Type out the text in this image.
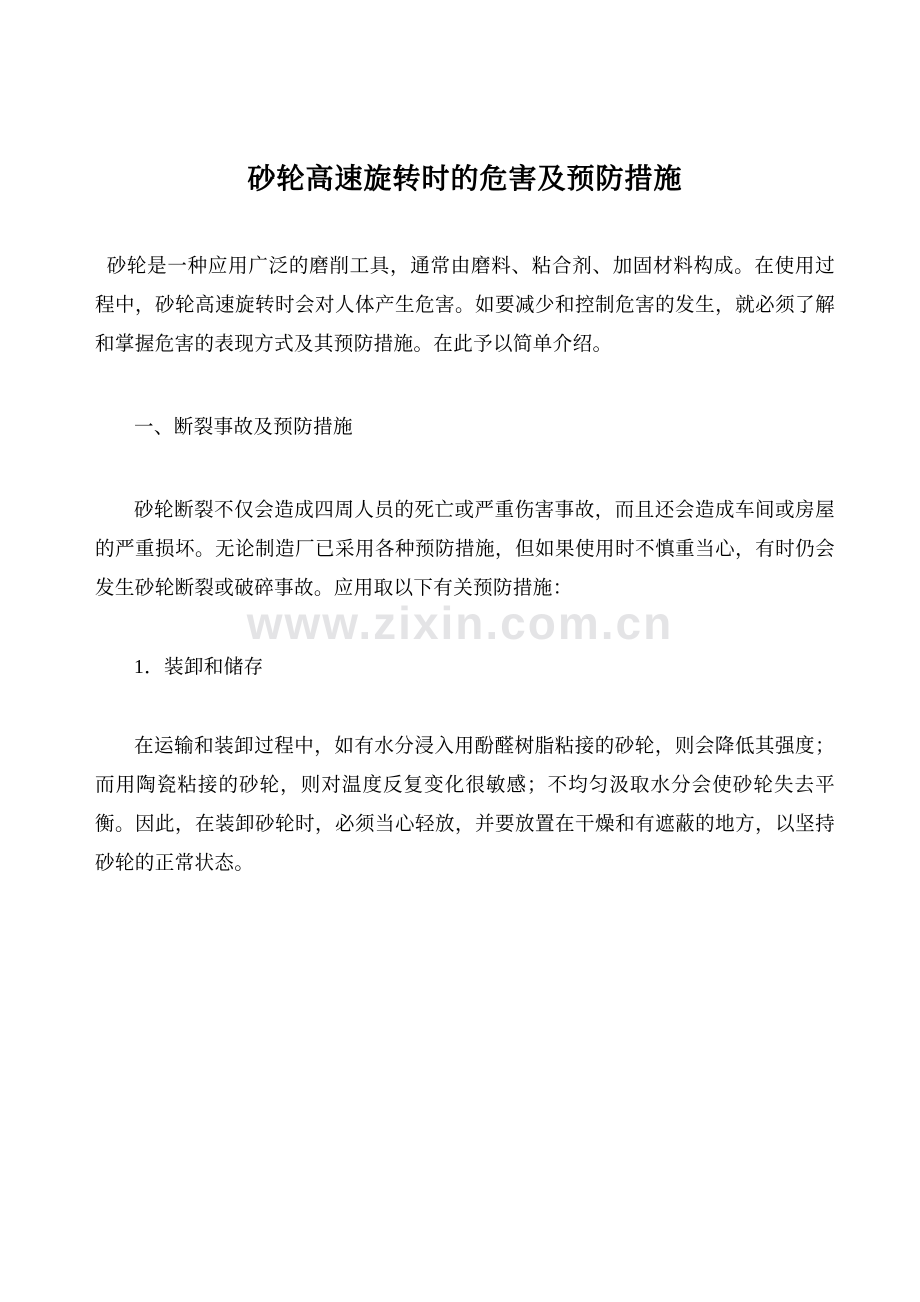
www.zixin.com.cn
砂轮高速旋转时的危害及预防措施

砂轮是一种应用广泛的磨削工具，通常由磨料、粘合剂、加固材料构成。在使用过程中，砂轮高速旋转时会对人体产生危害。如要减少和控制危害的发生，就必须了解和掌握危害的表现方式及其预防措施。在此予以简单介绍。

一、断裂事故及预防措施

砂轮断裂不仅会造成四周人员的死亡或严重伤害事故，而且还会造成车间或房屋的严重损坏。无论制造厂已采用各种预防措施，但如果使用时不慎重当心，有时仍会发生砂轮断裂或破碎事故。应用取以下有关预防措施：

1．装卸和储存

在运输和装卸过程中，如有水分浸入用酚醛树脂粘接的砂轮，则会降低其强度；而用陶瓷粘接的砂轮，则对温度反复变化很敏感；不均匀汲取水分会使砂轮失去平衡。因此，在装卸砂轮时，必须当心轻放，并要放置在干燥和有遮蔽的地方，以坚持砂轮的正常状态。
